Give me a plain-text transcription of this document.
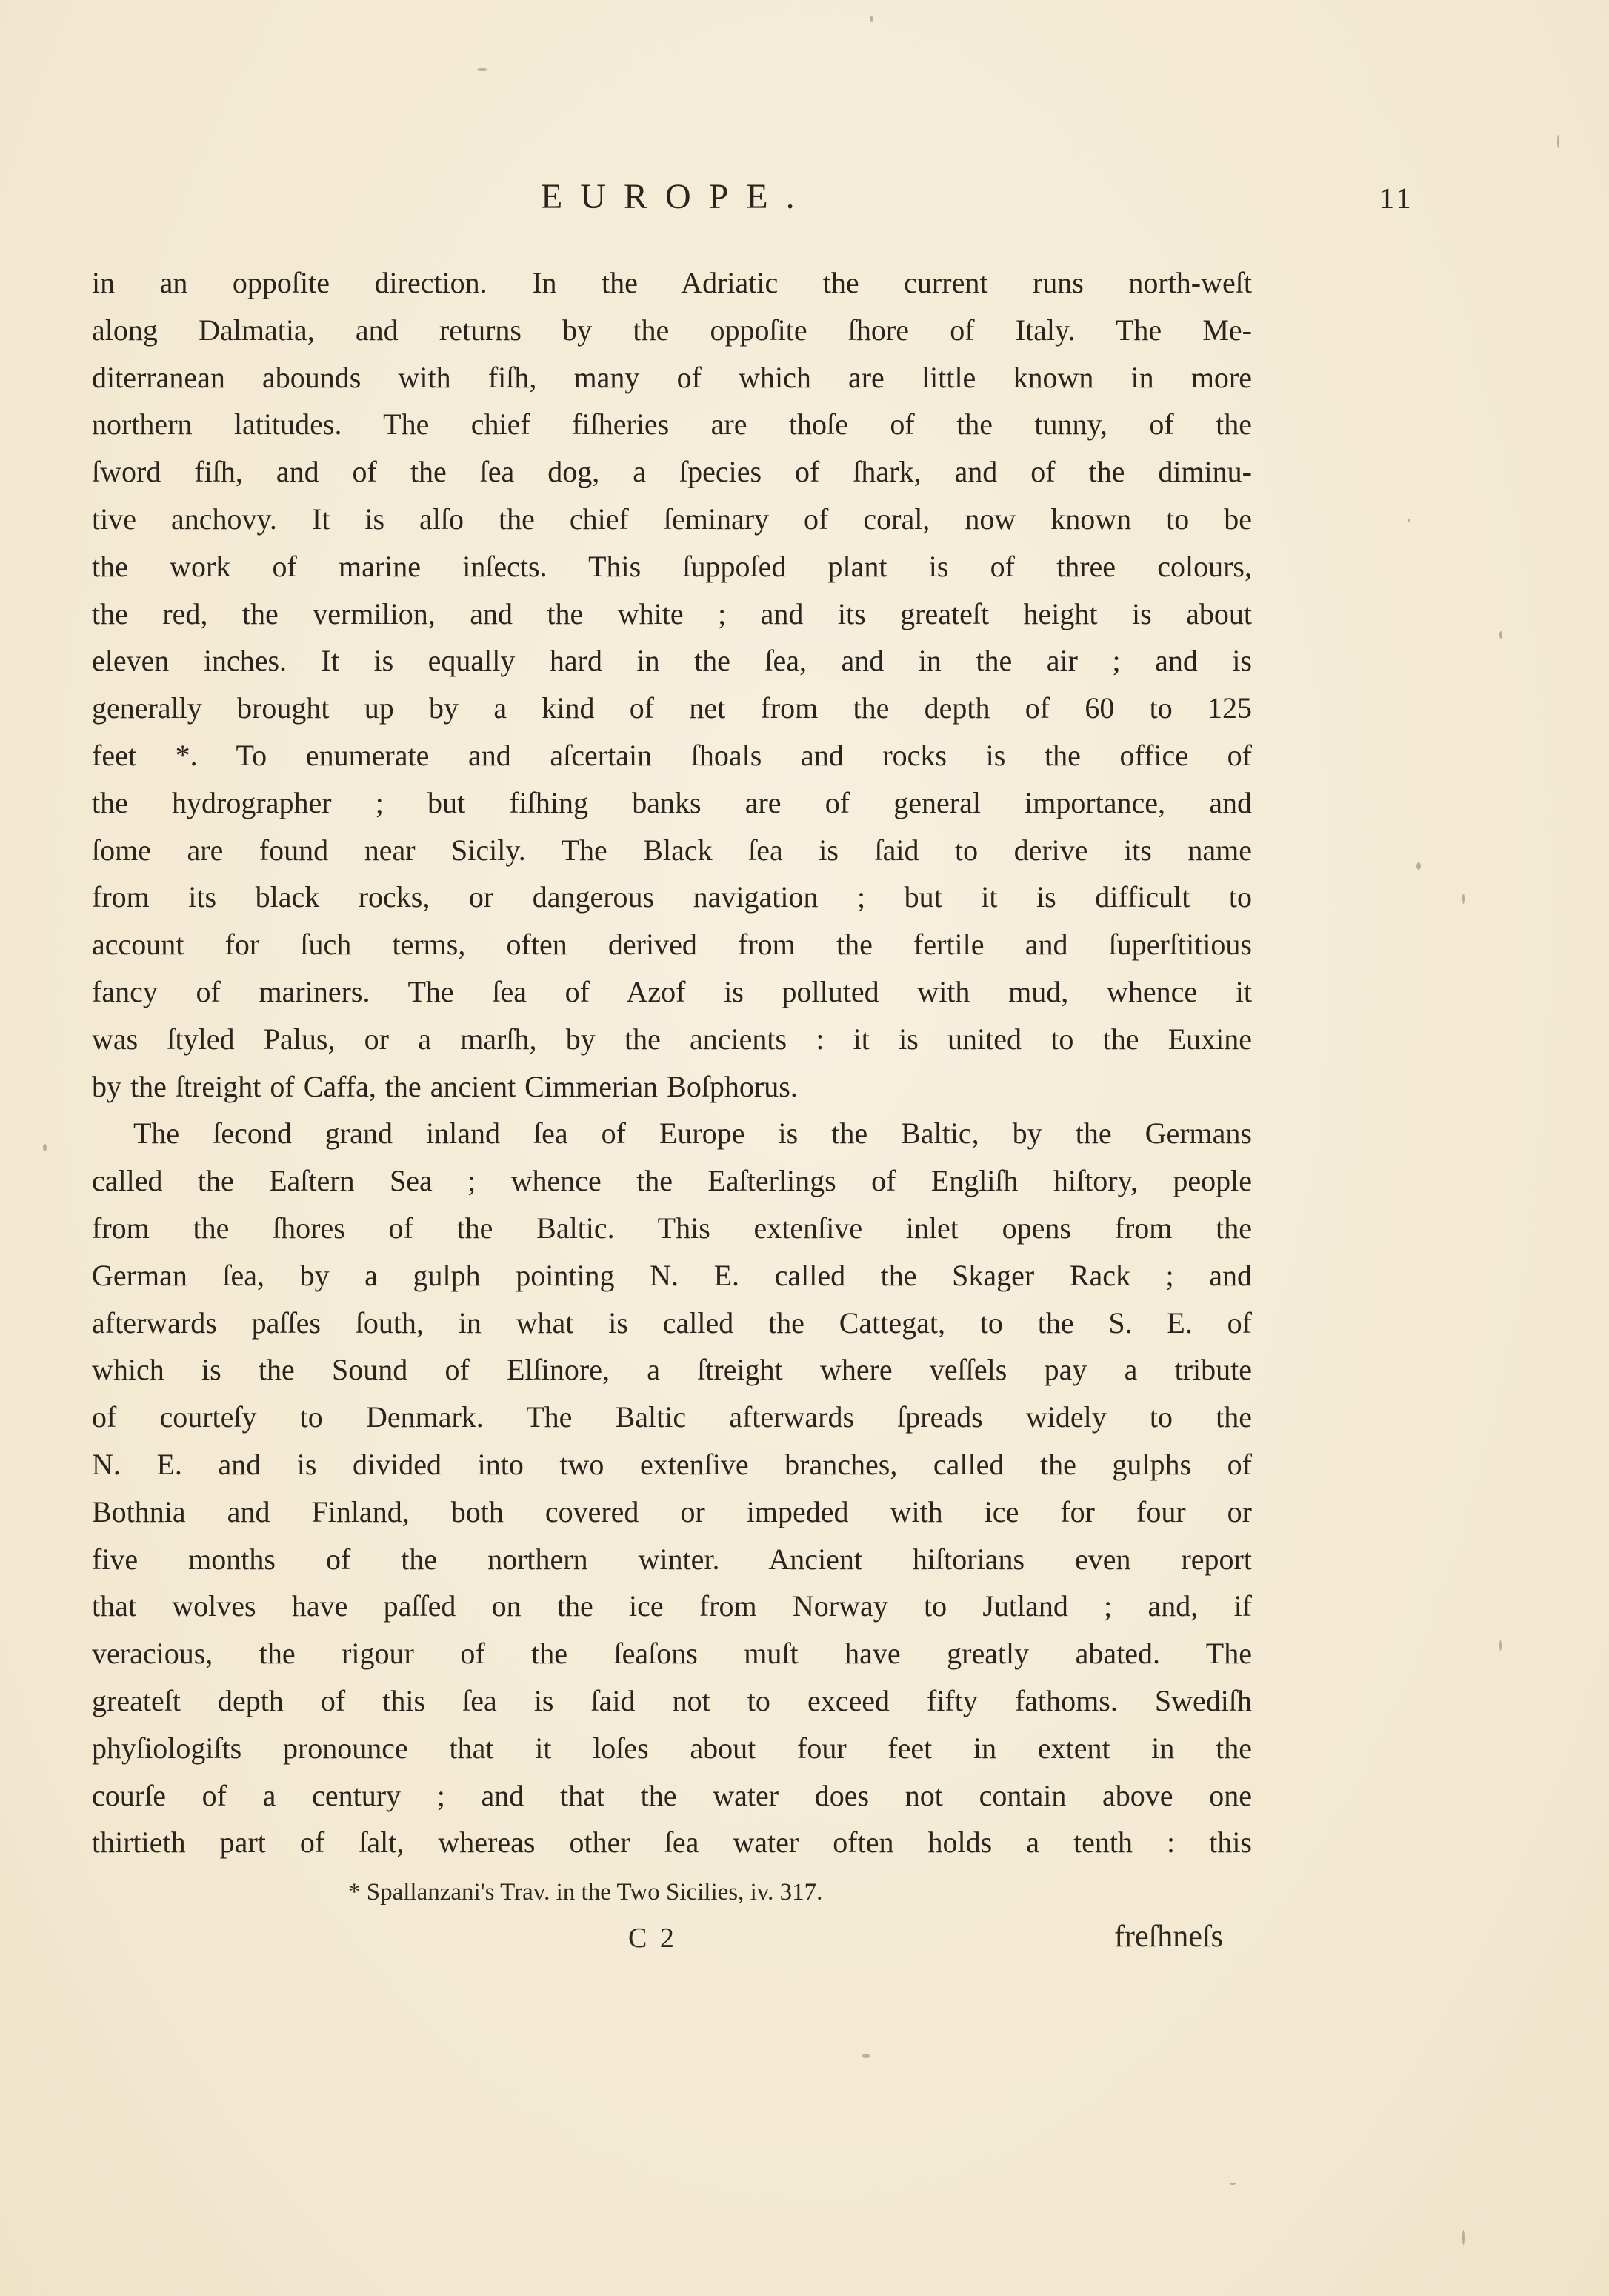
EUROPE.	11
in an oppoſite direction. In the Adriatic the current runs north-weſt
along Dalmatia, and returns by the oppoſite ſhore of Italy. The Me-
diterranean abounds with fiſh, many of which are little known in more
northern latitudes. The chief fiſheries are thoſe of the tunny, of the
ſword fiſh, and of the ſea dog, a ſpecies of ſhark, and of the diminu-
tive anchovy. It is alſo the chief ſeminary of coral, now known to be
the work of marine inſects. This ſuppoſed plant is of three colours,
the red, the vermilion, and the white ; and its greateſt height is about
eleven inches. It is equally hard in the ſea, and in the air ; and is
generally brought up by a kind of net from the depth of 60 to 125
feet *. To enumerate and aſcertain ſhoals and rocks is the office of
the hydrographer ; but fiſhing banks are of general importance, and
ſome are found near Sicily. The Black ſea is ſaid to derive its name
from its black rocks, or dangerous navigation ; but it is difficult to
account for ſuch terms, often derived from the fertile and ſuperſtitious
fancy of mariners. The ſea of Azof is polluted with mud, whence it
was ſtyled Palus, or a marſh, by the ancients : it is united to the Euxine
by the ſtreight of Caffa, the ancient Cimmerian Boſphorus.
The ſecond grand inland ſea of Europe is the Baltic, by the Germans
called the Eaſtern Sea ; whence the Eaſterlings of Engliſh hiſtory, people
from the ſhores of the Baltic. This extenſive inlet opens from the
German ſea, by a gulph pointing N. E. called the Skager Rack ; and
afterwards paſſes ſouth, in what is called the Cattegat, to the S. E. of
which is the Sound of Elſinore, a ſtreight where veſſels pay a tribute
of courteſy to Denmark. The Baltic afterwards ſpreads widely to the
N. E. and is divided into two extenſive branches, called the gulphs of
Bothnia and Finland, both covered or impeded with ice for four or
five months of the northern winter. Ancient hiſtorians even report
that wolves have paſſed on the ice from Norway to Jutland ; and, if
veracious, the rigour of the ſeaſons muſt have greatly abated. The
greateſt depth of this ſea is ſaid not to exceed fifty fathoms. Swediſh
phyſiologiſts pronounce that it loſes about four feet in extent in the
courſe of a century ; and that the water does not contain above one
thirtieth part of ſalt, whereas other ſea water often holds a tenth : this
* Spallanzani's Trav. in the Two Sicilies, iv. 317.
C 2	freſhneſs
